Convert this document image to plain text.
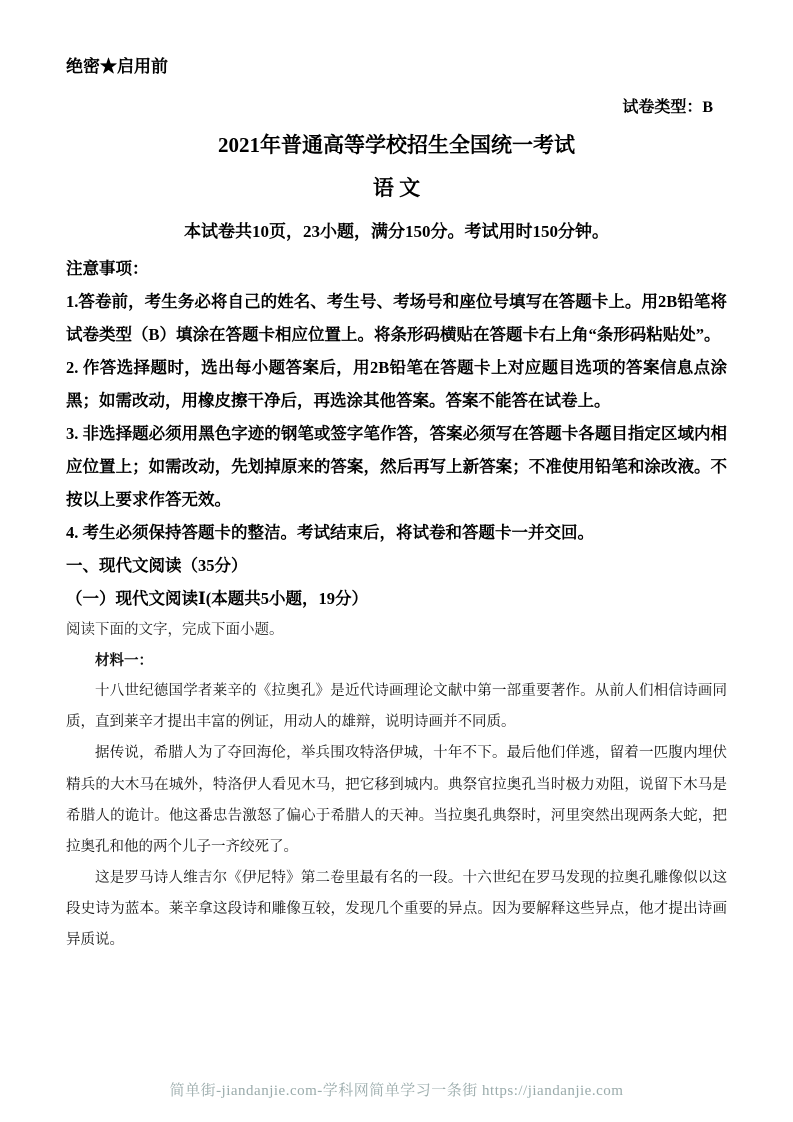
绝密★启用前
试卷类型：B
2021年普通高等学校招生全国统一考试
语 文
本试卷共10页，23小题，满分150分。考试用时150分钟。

注意事项：

1.答卷前，考生务必将自己的姓名、考生号、考场号和座位号填写在答题卡上。用2B铅笔将试卷类型（B）填涂在答题卡相应位置上。将条形码横贴在答题卡右上角“条形码粘贴处”。

2. 作答选择题时，选出每小题答案后，用2B铅笔在答题卡上对应题目选项的答案信息点涂黑；如需改动，用橡皮擦干净后，再选涂其他答案。答案不能答在试卷上。

3. 非选择题必须用黑色字迹的钢笔或签字笔作答，答案必须写在答题卡各题目指定区域内相应位置上；如需改动，先划掉原来的答案，然后再写上新答案；不准使用铅笔和涂改液。不按以上要求作答无效。

4. 考生必须保持答题卡的整洁。考试结束后，将试卷和答题卡一并交回。

一、现代文阅读（35分）

（一）现代文阅读Ⅰ(本题共5小题，19分）

阅读下面的文字，完成下面小题。

材料一：

十八世纪德国学者莱辛的《拉奥孔》是近代诗画理论文献中第一部重要著作。从前人们相信诗画同质，直到莱辛才提出丰富的例证，用动人的雄辩，说明诗画并不同质。

据传说，希腊人为了夺回海伦，举兵围攻特洛伊城，十年不下。最后他们佯逃，留着一匹腹内埋伏精兵的大木马在城外，特洛伊人看见木马，把它移到城内。典祭官拉奥孔当时极力劝阻，说留下木马是希腊人的诡计。他这番忠告激怒了偏心于希腊人的天神。当拉奥孔典祭时，河里突然出现两条大蛇，把拉奥孔和他的两个儿子一齐绞死了。

这是罗马诗人维吉尔《伊尼特》第二卷里最有名的一段。十六世纪在罗马发现的拉奥孔雕像似以这段史诗为蓝本。莱辛拿这段诗和雕像互较，发现几个重要的异点。因为要解释这些异点，他才提出诗画异质说。

简单街-jiandanjie.com-学科网简单学习一条街 https://jiandanjie.com
